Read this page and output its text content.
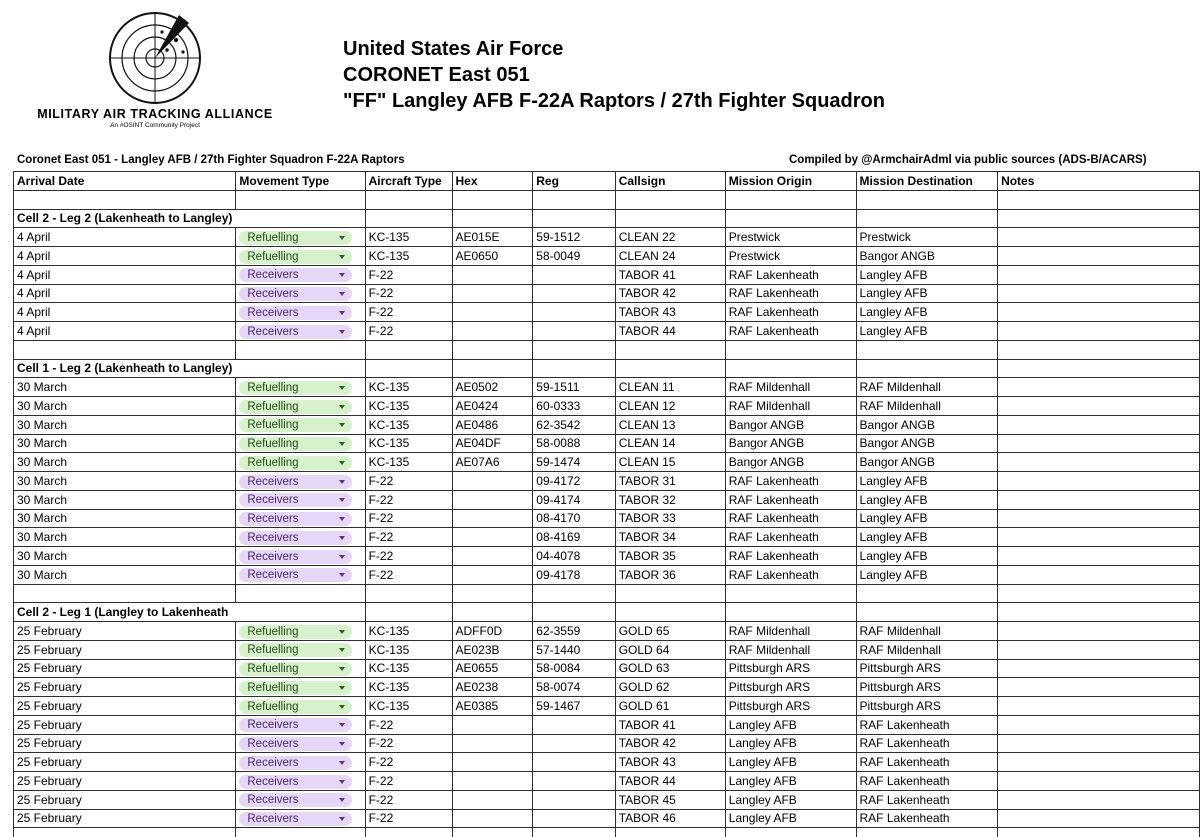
MILITARY AIR TRACKING ALLIANCE
An #OSINT Community Project
United States Air Force
CORONET East 051
"FF" Langley AFB F-22A Raptors / 27th Fighter Squadron
Coronet East 051 - Langley AFB / 27th Fighter Squadron F-22A Raptors	Compiled by @ArmchairAdml via public sources (ADS-B/ACARS)
Arrival Date	Movement Type	Aircraft Type	Hex	Reg	Callsign	Mission Origin	Mission Destination	Notes

Cell 2 - Leg 2 (Lakenheath to Langley)								
4 April	Refuelling	KC-135	AE015E	59-1512	CLEAN 22	Prestwick	Prestwick	
4 April	Refuelling	KC-135	AE0650	58-0049	CLEAN 24	Prestwick	Bangor ANGB	
4 April	Receivers	F-22			TABOR 41	RAF Lakenheath	Langley AFB	
4 April	Receivers	F-22			TABOR 42	RAF Lakenheath	Langley AFB	
4 April	Receivers	F-22			TABOR 43	RAF Lakenheath	Langley AFB	
4 April	Receivers	F-22			TABOR 44	RAF Lakenheath	Langley AFB	

Cell 1 - Leg 2 (Lakenheath to Langley)								
30 March	Refuelling	KC-135	AE0502	59-1511	CLEAN 11	RAF Mildenhall	RAF Mildenhall	
30 March	Refuelling	KC-135	AE0424	60-0333	CLEAN 12	RAF Mildenhall	RAF Mildenhall	
30 March	Refuelling	KC-135	AE0486	62-3542	CLEAN 13	Bangor ANGB	Bangor ANGB	
30 March	Refuelling	KC-135	AE04DF	58-0088	CLEAN 14	Bangor ANGB	Bangor ANGB	
30 March	Refuelling	KC-135	AE07A6	59-1474	CLEAN 15	Bangor ANGB	Bangor ANGB	
30 March	Receivers	F-22		09-4172	TABOR 31	RAF Lakenheath	Langley AFB	
30 March	Receivers	F-22		09-4174	TABOR 32	RAF Lakenheath	Langley AFB	
30 March	Receivers	F-22		08-4170	TABOR 33	RAF Lakenheath	Langley AFB	
30 March	Receivers	F-22		08-4169	TABOR 34	RAF Lakenheath	Langley AFB	
30 March	Receivers	F-22		04-4078	TABOR 35	RAF Lakenheath	Langley AFB	
30 March	Receivers	F-22		09-4178	TABOR 36	RAF Lakenheath	Langley AFB	

Cell 2 - Leg 1 (Langley to Lakenheath								
25 February	Refuelling	KC-135	ADFF0D	62-3559	GOLD 65	RAF Mildenhall	RAF Mildenhall	
25 February	Refuelling	KC-135	AE023B	57-1440	GOLD 64	RAF Mildenhall	RAF Mildenhall	
25 February	Refuelling	KC-135	AE0655	58-0084	GOLD 63	Pittsburgh ARS	Pittsburgh ARS	
25 February	Refuelling	KC-135	AE0238	58-0074	GOLD 62	Pittsburgh ARS	Pittsburgh ARS	
25 February	Refuelling	KC-135	AE0385	59-1467	GOLD 61	Pittsburgh ARS	Pittsburgh ARS	
25 February	Receivers	F-22			TABOR 41	Langley AFB	RAF Lakenheath	
25 February	Receivers	F-22			TABOR 42	Langley AFB	RAF Lakenheath	
25 February	Receivers	F-22			TABOR 43	Langley AFB	RAF Lakenheath	
25 February	Receivers	F-22			TABOR 44	Langley AFB	RAF Lakenheath	
25 February	Receivers	F-22			TABOR 45	Langley AFB	RAF Lakenheath	
25 February	Receivers	F-22			TABOR 46	Langley AFB	RAF Lakenheath	
